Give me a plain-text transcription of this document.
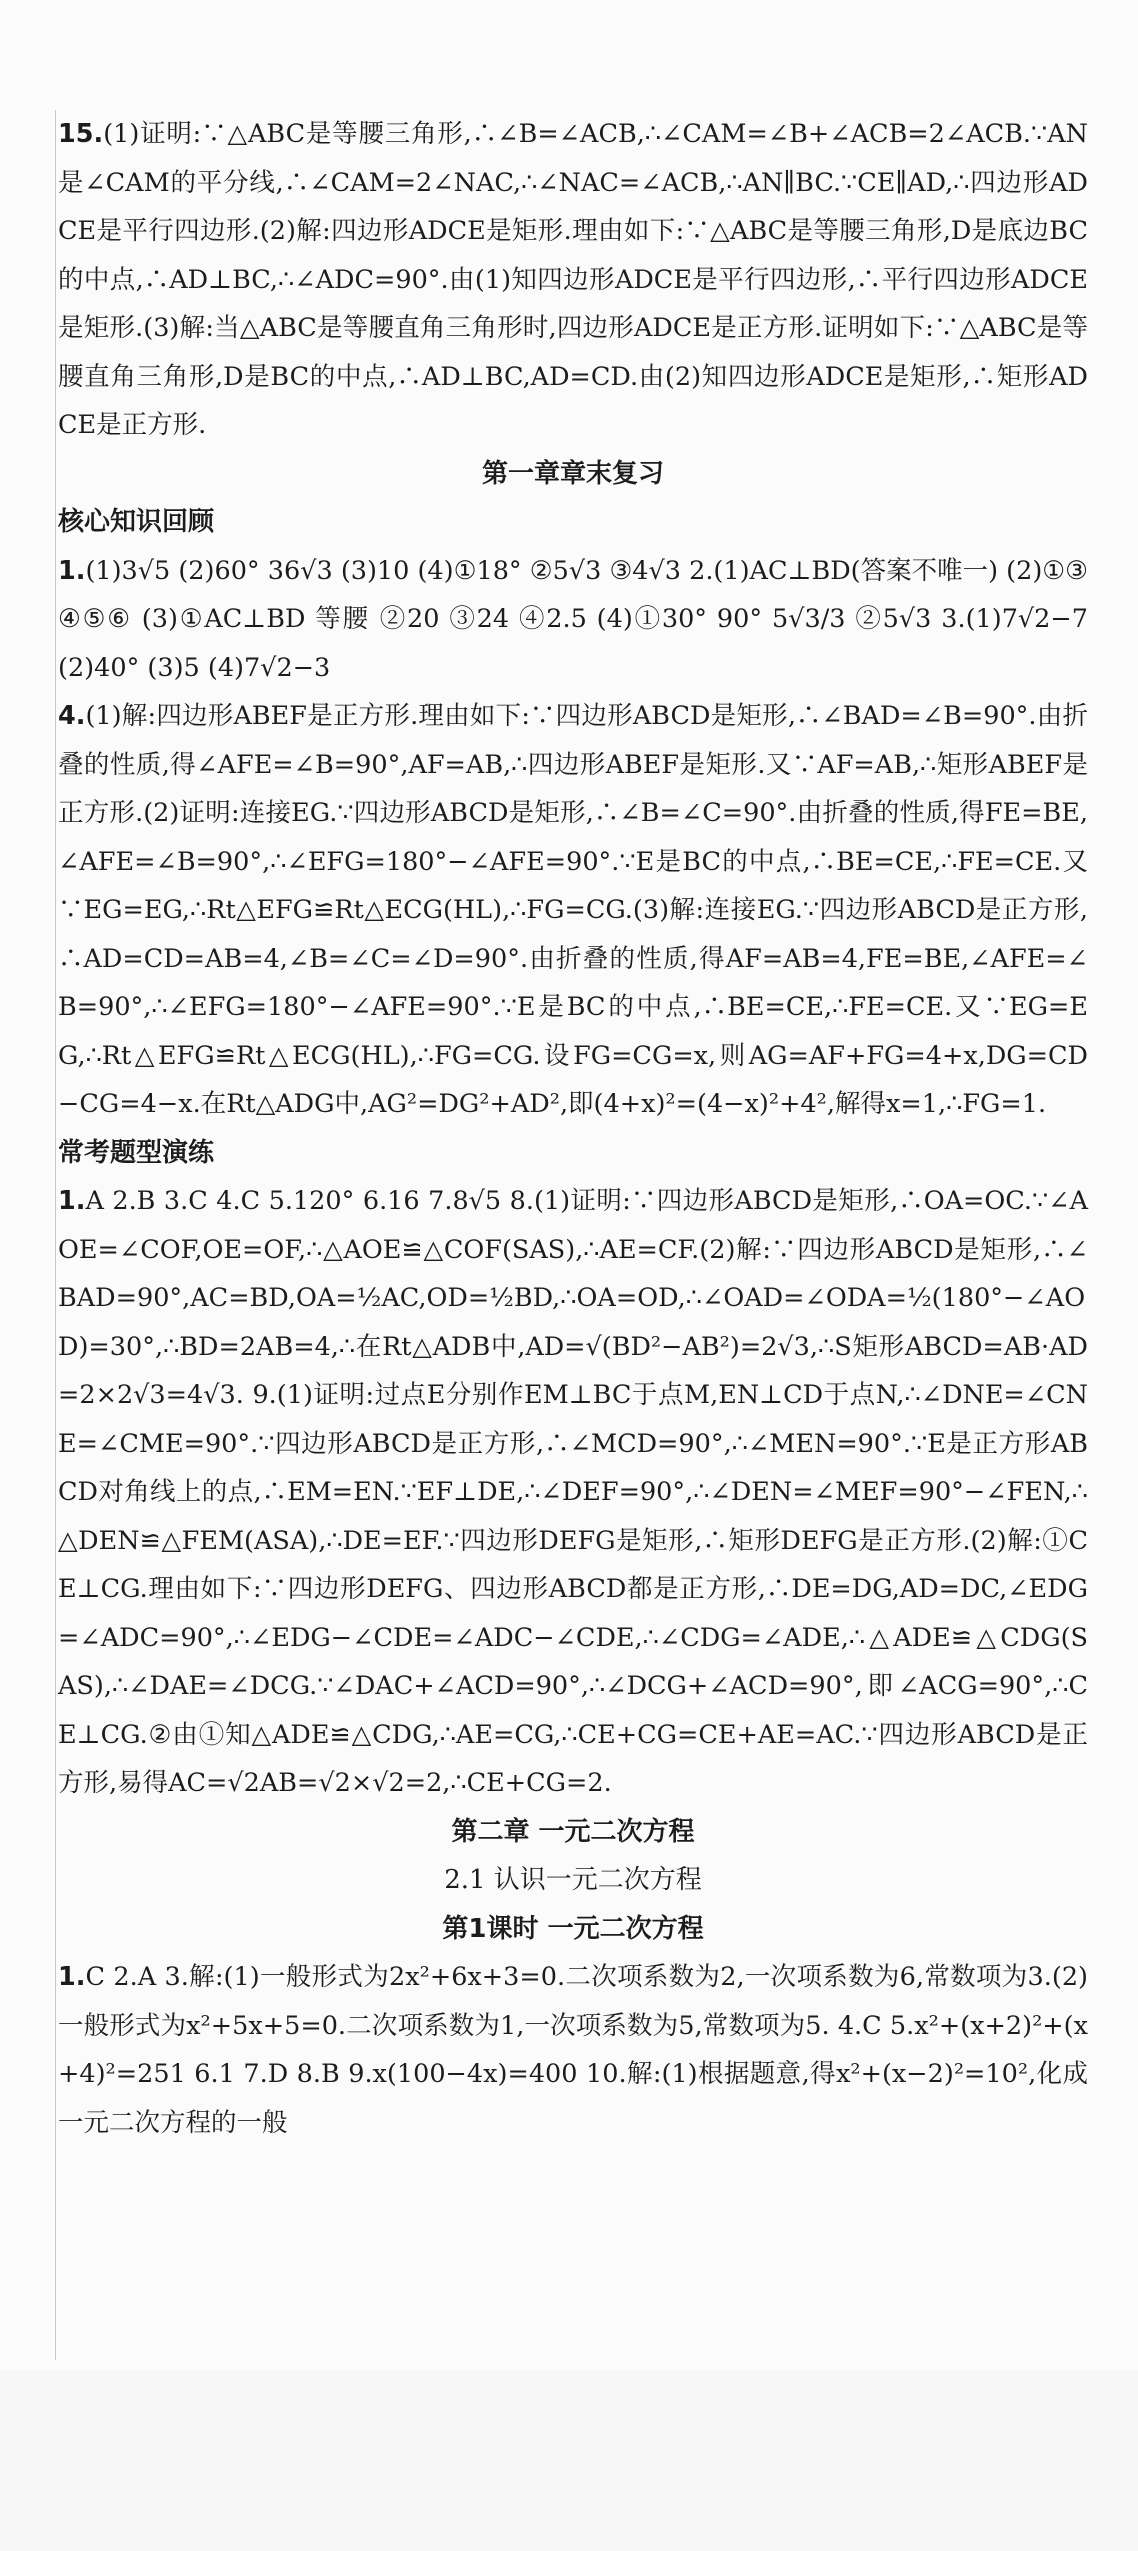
15.(1)证明:∵△ABC是等腰三角形,∴∠B=∠ACB,∴∠CAM=∠B+∠ACB=2∠ACB.∵AN是∠CAM的平分线,∴∠CAM=2∠NAC,∴∠NAC=∠ACB,∴AN∥BC.∵CE∥AD,∴四边形ADCE是平行四边形.(2)解:四边形ADCE是矩形.理由如下:∵△ABC是等腰三角形,D是底边BC的中点,∴AD⊥BC,∴∠ADC=90°.由(1)知四边形ADCE是平行四边形,∴平行四边形ADCE是矩形.(3)解:当△ABC是等腰直角三角形时,四边形ADCE是正方形.证明如下:∵△ABC是等腰直角三角形,D是BC的中点,∴AD⊥BC,AD=CD.由(2)知四边形ADCE是矩形,∴矩形ADCE是正方形.

第一章章末复习

核心知识回顾

1.(1)3√5 (2)60° 36√3 (3)10 (4)①18° ②5√3 ③4√3 2.(1)AC⊥BD(答案不唯一) (2)①③④⑤⑥ (3)①AC⊥BD 等腰 ②20 ③24 ④2.5 (4)①30° 90° 5√3/3 ②5√3 3.(1)7√2−7 (2)40° (3)5 (4)7√2−3

4.(1)解:四边形ABEF是正方形.理由如下:∵四边形ABCD是矩形,∴∠BAD=∠B=90°.由折叠的性质,得∠AFE=∠B=90°,AF=AB,∴四边形ABEF是矩形.又∵AF=AB,∴矩形ABEF是正方形.(2)证明:连接EG.∵四边形ABCD是矩形,∴∠B=∠C=90°.由折叠的性质,得FE=BE,∠AFE=∠B=90°,∴∠EFG=180°−∠AFE=90°.∵E是BC的中点,∴BE=CE,∴FE=CE.又∵EG=EG,∴Rt△EFG≌Rt△ECG(HL),∴FG=CG.(3)解:连接EG.∵四边形ABCD是正方形,∴AD=CD=AB=4,∠B=∠C=∠D=90°.由折叠的性质,得AF=AB=4,FE=BE,∠AFE=∠B=90°,∴∠EFG=180°−∠AFE=90°.∵E是BC的中点,∴BE=CE,∴FE=CE.又∵EG=EG,∴Rt△EFG≌Rt△ECG(HL),∴FG=CG.设FG=CG=x,则AG=AF+FG=4+x,DG=CD−CG=4−x.在Rt△ADG中,AG²=DG²+AD²,即(4+x)²=(4−x)²+4²,解得x=1,∴FG=1.

常考题型演练

1.A 2.B 3.C 4.C 5.120° 6.16 7.8√5 8.(1)证明:∵四边形ABCD是矩形,∴OA=OC.∵∠AOE=∠COF,OE=OF,∴△AOE≌△COF(SAS),∴AE=CF.(2)解:∵四边形ABCD是矩形,∴∠BAD=90°,AC=BD,OA=½AC,OD=½BD,∴OA=OD,∴∠OAD=∠ODA=½(180°−∠AOD)=30°,∴BD=2AB=4,∴在Rt△ADB中,AD=√(BD²−AB²)=2√3,∴S矩形ABCD=AB·AD=2×2√3=4√3. 9.(1)证明:过点E分别作EM⊥BC于点M,EN⊥CD于点N,∴∠DNE=∠CNE=∠CME=90°.∵四边形ABCD是正方形,∴∠MCD=90°,∴∠MEN=90°.∵E是正方形ABCD对角线上的点,∴EM=EN.∵EF⊥DE,∴∠DEF=90°,∴∠DEN=∠MEF=90°−∠FEN,∴△DEN≌△FEM(ASA),∴DE=EF.∵四边形DEFG是矩形,∴矩形DEFG是正方形.(2)解:①CE⊥CG.理由如下:∵四边形DEFG、四边形ABCD都是正方形,∴DE=DG,AD=DC,∠EDG=∠ADC=90°,∴∠EDG−∠CDE=∠ADC−∠CDE,∴∠CDG=∠ADE,∴△ADE≌△CDG(SAS),∴∠DAE=∠DCG.∵∠DAC+∠ACD=90°,∴∠DCG+∠ACD=90°,即∠ACG=90°,∴CE⊥CG.②由①知△ADE≌△CDG,∴AE=CG,∴CE+CG=CE+AE=AC.∵四边形ABCD是正方形,易得AC=√2AB=√2×√2=2,∴CE+CG=2.

第二章 一元二次方程

2.1 认识一元二次方程

第1课时 一元二次方程

1.C 2.A 3.解:(1)一般形式为2x²+6x+3=0.二次项系数为2,一次项系数为6,常数项为3.(2)一般形式为x²+5x+5=0.二次项系数为1,一次项系数为5,常数项为5. 4.C 5.x²+(x+2)²+(x+4)²=251 6.1 7.D 8.B 9.x(100−4x)=400 10.解:(1)根据题意,得x²+(x−2)²=10²,化成一元二次方程的一般
